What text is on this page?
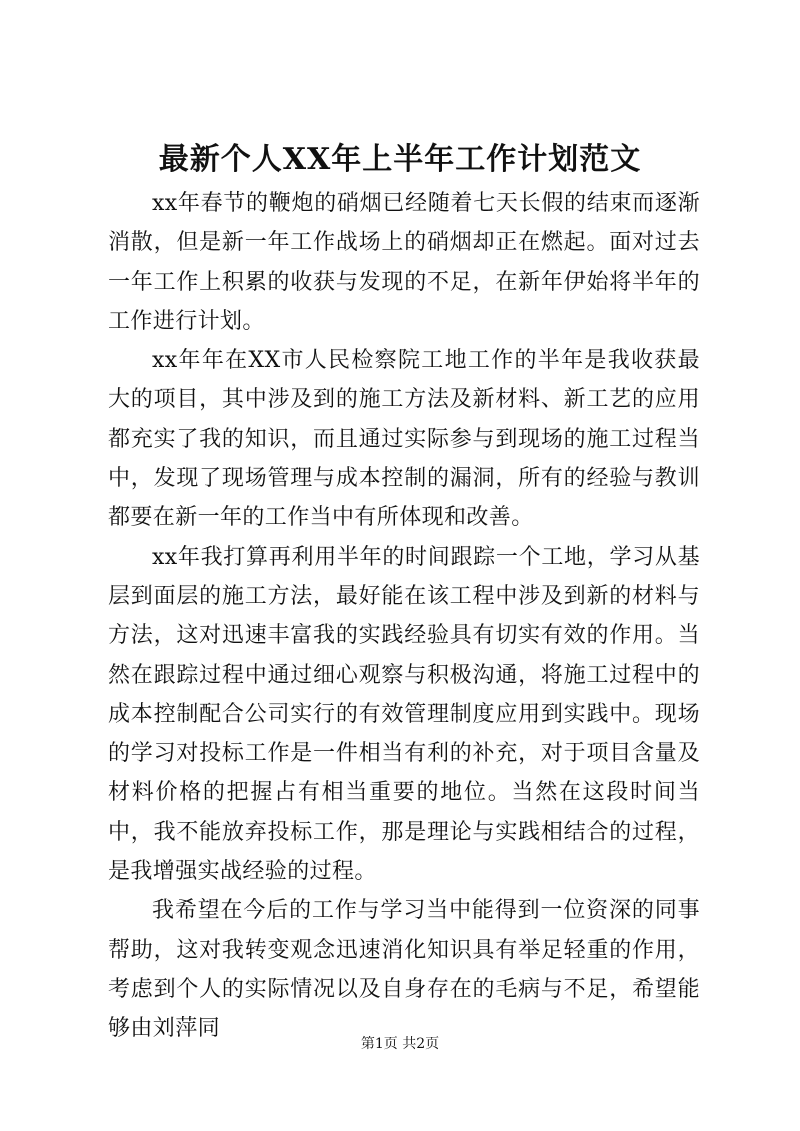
最新个人XX年上半年工作计划范文

xx年春节的鞭炮的硝烟已经随着七天长假的结束而逐渐消散，但是新一年工作战场上的硝烟却正在燃起。面对过去一年工作上积累的收获与发现的不足，在新年伊始将半年的工作进行计划。

xx年年在XX市人民检察院工地工作的半年是我收获最大的项目，其中涉及到的施工方法及新材料、新工艺的应用都充实了我的知识，而且通过实际参与到现场的施工过程当中，发现了现场管理与成本控制的漏洞，所有的经验与教训都要在新一年的工作当中有所体现和改善。

xx年我打算再利用半年的时间跟踪一个工地，学习从基层到面层的施工方法，最好能在该工程中涉及到新的材料与方法，这对迅速丰富我的实践经验具有切实有效的作用。当然在跟踪过程中通过细心观察与积极沟通，将施工过程中的成本控制配合公司实行的有效管理制度应用到实践中。现场的学习对投标工作是一件相当有利的补充，对于项目含量及材料价格的把握占有相当重要的地位。当然在这段时间当中，我不能放弃投标工作，那是理论与实践相结合的过程，是我增强实战经验的过程。

我希望在今后的工作与学习当中能得到一位资深的同事帮助，这对我转变观念迅速消化知识具有举足轻重的作用，考虑到个人的实际情况以及自身存在的毛病与不足，希望能够由刘萍同

第1页 共2页
